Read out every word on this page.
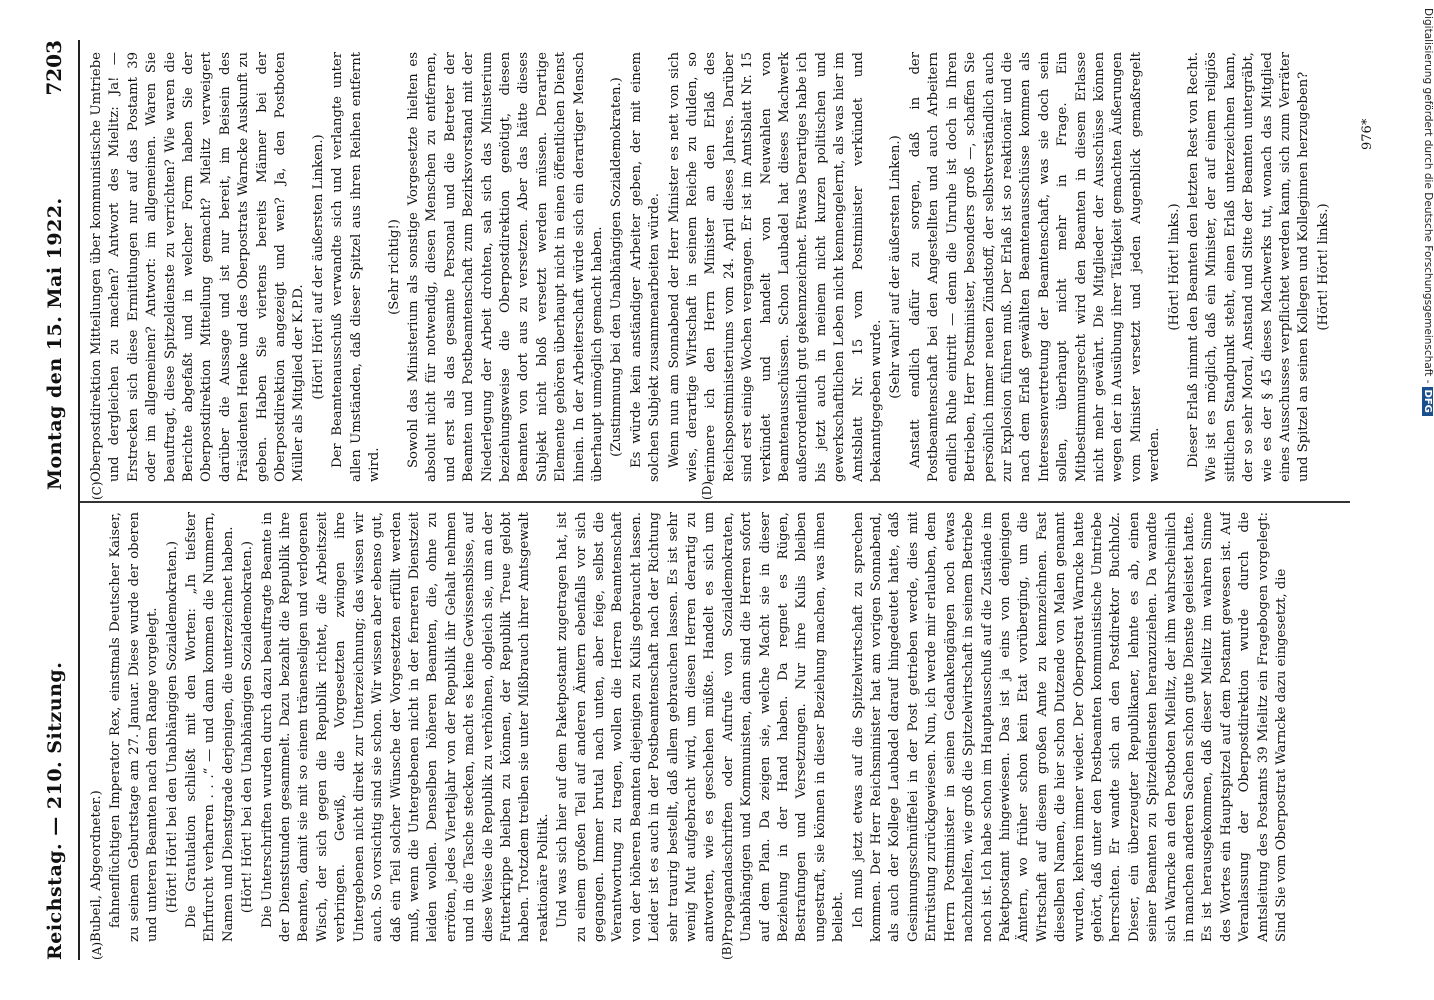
Reichstag. — 210. Sitzung.
Montag den 15. Mai 1922.
7203
(A)	(B)
(C)	(D)

Bubeil, Abgeordneter.) fahnenflüchtigen Imperator Rex, einstmals Deutscher Kaiser, zu seinem Geburtstage am 27. Januar. Diese wurde der oberen und unteren Beamten nach dem Range vorgelegt. (Hört! Hört! bei den Unabhängigen Sozialdemokraten.) Die Gratulation schließt mit den Worten: „In tiefster Ehrfurcht verharren . . .“ — und dann kommen die Nummern, Namen und Dienstgrade derjenigen, die unterzeichnet haben. (Hört! Hört! bei den Unabhängigen Sozialdemokraten.) Die Unterschriften wurden durch dazu beauftragte Beamte in der Dienststunden gesammelt. Dazu bezahlt die Republik ihre Beamten, damit sie mit so einem tränenseligen und verlogenen Wisch, der sich gegen die Republik richtet, die Arbeitszeit verbringen. Gewiß, die Vorgesetzten zwingen ihre Untergebenen nicht direkt zur Unterzeichnung; das wissen wir auch. So vorsichtig sind sie schon. Wir wissen aber ebenso gut, daß ein Teil solcher Wünsche der Vorgesetzten erfüllt werden muß, wenn die Untergebenen nicht in der ferneren Dienstzeit leiden wollen. Denselben höheren Beamten, die, ohne zu erröten, jedes Vierteljahr von der Republik ihr Gehalt nehmen und in die Tasche stecken, macht es keine Gewissensbisse, auf diese Weise die Republik zu verhöhnen, obgleich sie, um an der Futterkrippe bleiben zu können, der Republik Treue gelobt haben. Trotzdem treiben sie unter Mißbrauch ihrer Amtsgewalt reaktionäre Politik. Und was sich hier auf dem Paketpostamt zugetragen hat, ist zu einem großen Teil auf anderen Ämtern ebenfalls vor sich gegangen. Immer brutal nach unten, aber feige, selbst die Verantwortung zu tragen, wollen die Herren Beamtenschaft von der höheren Beamten diejenigen zu Kulis gebraucht lassen. Leider ist es auch in der Postbeamtenschaft nach der Richtung sehr traurig bestellt, daß allem gebrauchen lassen. Es ist sehr wenig Mut aufgebracht wird, um diesen Herren derartig zu antworten, wie es geschehen müßte. Handelt es sich um Propagandaschriften oder Aufrufe von Sozialdemokraten, Unabhängigen und Kommunisten, dann sind die Herren sofort auf dem Plan. Da zeigen sie, welche Macht sie in dieser Beziehung in der Hand haben. Da regnet es Rügen, Bestrafungen und Versetzungen. Nur ihre Kulis bleiben ungestraft, sie können in dieser Beziehung machen, was ihnen beliebt. Ich muß jetzt etwas auf die Spitzelwirtschaft zu sprechen kommen. Der Herr Reichsminister hat am vorigen Sonnabend, als auch der Kollege Laubadel darauf hingedeutet hatte, daß Gesinnungsschnüffelei in der Post getrieben werde, dies mit Entrüstung zurückgewiesen. Nun, ich werde mir erlauben, dem Herrn Postminister in seinen Gedankengängen noch etwas nachzuhelfen, wie groß die Spitzelwirtschaft in seinem Betriebe noch ist. Ich habe schon im Hauptausschuß auf die Zustände im Paketpostamt hingewiesen. Das ist ja eins von denjenigen Ämtern, wo früher schon kein Etat vorüberging, um die Wirtschaft auf diesem großen Amte zu kennzeichnen. Fast dieselben Namen, die hier schon Dutzende von Malen genannt wurden, kehren immer wieder. Der Oberpostrat Warncke hatte gehört, daß unter den Postbeamten kommunistische Umtriebe herrschten. Er wandte sich an den Postdirektor Buchholz. Dieser, ein überzeugter Republikaner, lehnte es ab, einen seiner Beamten zu Spitzeldiensten heranzuziehen. Da wandte sich Warncke an den Postboten Mielitz, der ihm wahrscheinlich in manchen anderen Sachen schon gute Dienste geleistet hatte. Es ist herausgekommen, daß dieser Mielitz im wahren Sinne des Wortes ein Hauptspitzel auf dem Postamt gewesen ist. Auf Veranlassung der Oberpostdirektion wurde durch die Amtsleitung des Postamts 39 Mielitz ein Fragebogen vorgelegt: Sind Sie vom Oberpostrat Warncke dazu eingesetzt, die

Oberpostdirektion Mitteilungen über kommunistische Umtriebe und dergleichen zu machen? Antwort des Mielitz: Ja! — Erstrecken sich diese Ermittlungen nur auf das Postamt 39 oder im allgemeinen? Antwort: im allgemeinen. Waren Sie beauftragt, diese Spitzeldienste zu verrichten? Wie waren die Berichte abgefaßt und in welcher Form haben Sie der Oberpostdirektion Mitteilung gemacht? Mielitz verweigert darüber die Aussage und ist nur bereit, im Beisein des Präsidenten Henke und des Oberpostrats Warncke Auskunft zu geben. Haben Sie viertens bereits Männer bei der Oberpostdirektion angezeigt und wen? Ja, den Postboten Müller als Mitglied der K.P.D. (Hört! Hört! auf der äußersten Linken.) Der Beamtenausschuß verwandte sich und verlangte unter allen Umständen, daß dieser Spitzel aus ihren Reihen entfernt wird.

(Sehr richtig!) Sowohl das Ministerium als sonstige Vorgesetzte hielten es absolut nicht für notwendig, diesen Menschen zu entfernen, und erst als das gesamte Personal und die Betreter der Beamten und Postbeamtenschaft zum Bezirksvorstand mit der Niederlegung der Arbeit drohten, sah sich das Ministerium beziehungsweise die Oberpostdirektion genötigt, diesen Beamten von dort aus zu versetzen. Aber das hätte dieses Subjekt nicht bloß versetzt werden müssen. Derartige Elemente gehören überhaupt nicht in einen öffentlichen Dienst hinein. In der Arbeiterschaft würde sich ein derartiger Mensch überhaupt unmöglich gemacht haben. (Zustimmung bei den Unabhängigen Sozialdemokraten.) Es würde kein anständiger Arbeiter geben, der mit einem solchen Subjekt zusammenarbeiten würde. Wenn nun am Sonnabend der Herr Minister es nett von sich wies, derartige Wirtschaft in seinem Reiche zu dulden, so erinnere ich den Herrn Minister an den Erlaß des Reichspostministeriums vom 24. April dieses Jahres. Darüber sind erst einige Wochen vergangen. Er ist im Amtsblatt Nr. 15 verkündet und handelt von Neuwahlen von Beamtenausschüssen. Schon Laubadel hat dieses Machwerk außerordentlich gut gekennzeichnet. Etwas Derartiges habe ich bis jetzt auch in meinem nicht kurzen politischen und gewerkschaftlichen Leben nicht kennengelernt, als was hier im Amtsblatt Nr. 15 vom Postminister verkündet und bekanntgegeben wurde.

(Sehr wahr! auf der äußersten Linken.) Anstatt endlich dafür zu sorgen, daß in der Postbeamtenschaft bei den Angestellten und auch Arbeitern endlich Ruhe eintritt — denn die Unruhe ist doch in Ihren Betrieben, Herr Postminister, besonders groß —, schaffen Sie persönlich immer neuen Zündstoff, der selbstverständlich auch zur Explosion führen muß. Der Erlaß ist so reaktionär und die nach dem Erlaß gewählten Beamtenausschüsse kommen als Interessenvertretung der Beamtenschaft, was sie doch sein sollen, überhaupt nicht mehr in Frage. Ein Mitbestimmungsrecht wird den Beamten in diesem Erlasse nicht mehr gewährt. Die Mitglieder der Ausschüsse können wegen der in Ausübung ihrer Tätigkeit gemachten Äußerungen vom Minister versetzt und jeden Augenblick gemaßregelt werden.

(Hört! Hört! links.) Dieser Erlaß nimmt den Beamten den letzten Rest von Recht. Wie ist es möglich, daß ein Minister, der auf einem religiös sittlichen Standpunkt steht, einen Erlaß unterzeichnen kann, der so sehr Moral, Anstand und Sitte der Beamten untergräbt, wie es der § 45 dieses Machwerks tut, wonach das Mitglied eines Ausschusses verpflichtet werden kann, sich zum Verräter und Spitzel an seinen Kollegen und Kolleginnen herzugeben? (Hört! Hört! links.)

976*	Digitalisierung gefördert durch die Deutsche Forschungsgemeinschaft -DFG
